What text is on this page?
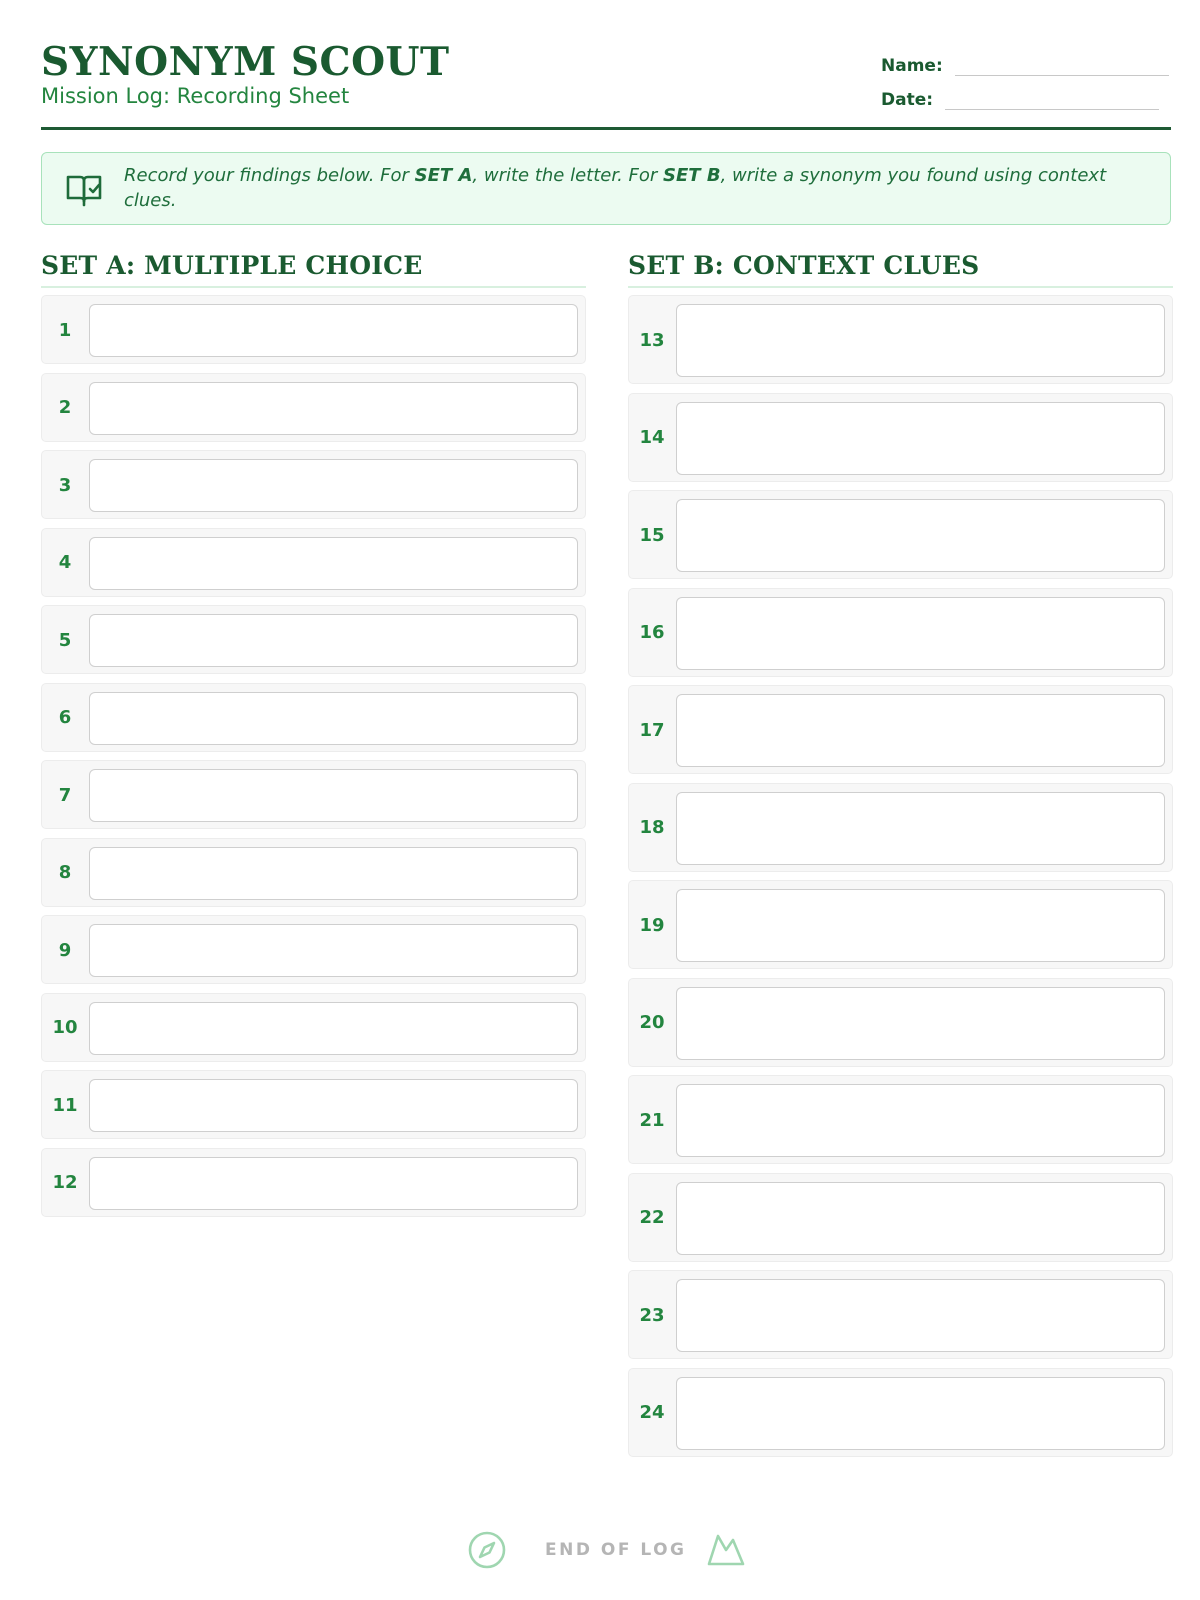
SYNONYM SCOUT
Mission Log: Recording Sheet
Name:
Date:
Record your findings below. For SET A, write the letter. For SET B, write a synonym you found using context clues.
SET A: MULTIPLE CHOICE	SET B: CONTEXT CLUES
1
2
3
4
5
6
7
8
9
10
11
12
13
14
15
16
17
18
19
20
21
22
23
24
END OF LOG
